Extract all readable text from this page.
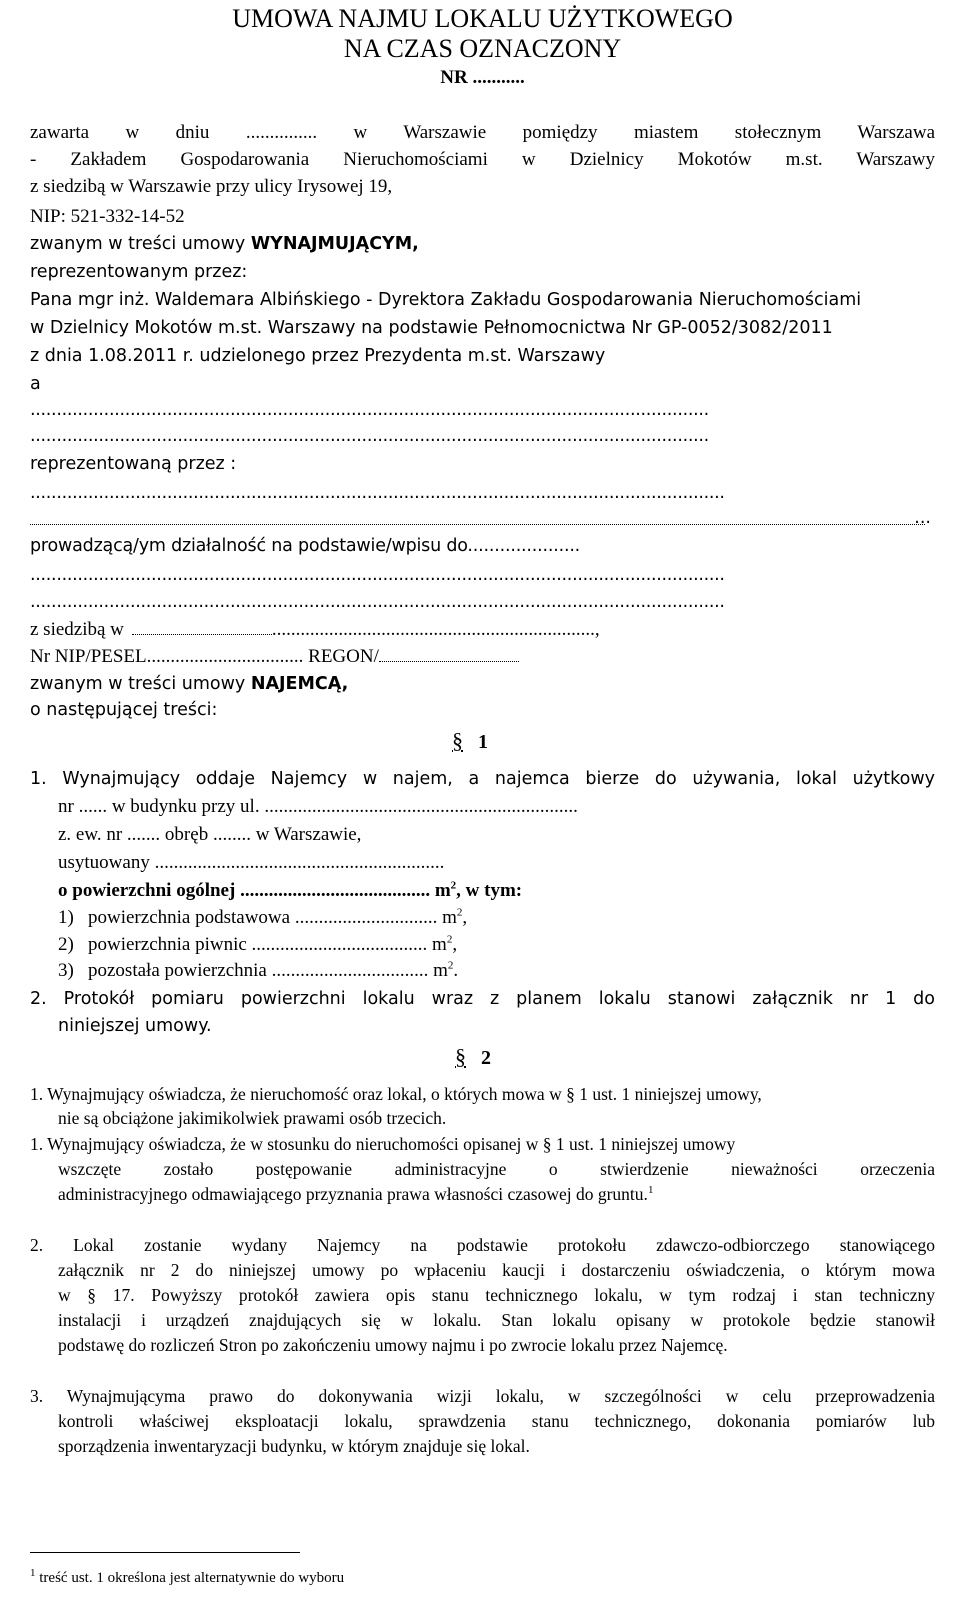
UMOWA NAJMU LOKALU UŻYTKOWEGO
NA CZAS OZNACZONY
NR ...........
zawarta w dniu ............... w Warszawie pomiędzy miastem stołecznym Warszawa
- Zakładem Gospodarowania Nieruchomościami w Dzielnicy Mokotów m.st. Warszawy
z siedzibą w Warszawie przy ulicy Irysowej 19,
NIP: 521-332-14-52
zwanym w treści umowy WYNAJMUJĄCYM,
reprezentowanym przez:
Pana mgr inż. Waldemara Albińskiego - Dyrektora Zakładu Gospodarowania Nieruchomościami
w Dzielnicy Mokotów m.st. Warszawy na podstawie Pełnomocnictwa Nr GP-0052/3082/2011
z dnia 1.08.2011 r. udzielonego przez Prezydenta m.st. Warszawy
a
.................................................................................................................................
.................................................................................................................................
reprezentowaną przez :
....................................................................................................................................
...
prowadzącą/ym działalność na podstawie/wpisu do.....................
....................................................................................................................................
....................................................................................................................................
z siedzibą w	....................................................................,
Nr NIP/PESEL................................. REGON/
zwanym w treści umowy NAJEMCĄ,
o następującej treści:
§ 1
1. Wynajmujący oddaje Najemcy w najem, a najemca bierze do używania, lokal użytkowy
nr ...... w budynku przy ul. ..................................................................
z. ew. nr ....... obręb ........ w Warszawie,
usytuowany .............................................................
o powierzchni ogólnej ........................................ $m^2$, w tym:
1) powierzchnia podstawowa .............................. $m^2$,
2) powierzchnia piwnic ..................................... $m^2$,
3) pozostała powierzchnia ................................. $m^2$.
2. Protokół pomiaru powierzchni lokalu wraz z planem lokalu stanowi załącznik nr 1 do
niniejszej umowy.
§ 2
1. Wynajmujący oświadcza, że nieruchomość oraz lokal, o których mowa w § 1 ust. 1 niniejszej umowy,
nie są obciążone jakimikolwiek prawami osób trzecich.
1. Wynajmujący oświadcza, że w stosunku do nieruchomości opisanej w § 1 ust. 1 niniejszej umowy
wszczęte zostało postępowanie administracyjne o stwierdzenie nieważności orzeczenia
administracyjnego odmawiającego przyznania prawa własności czasowej do gruntu.$^1$
2. Lokal zostanie wydany Najemcy na podstawie protokołu zdawczo-odbiorczego stanowiącego
załącznik nr 2 do niniejszej umowy po wpłaceniu kaucji i dostarczeniu oświadczenia, o którym mowa
w § 17. Powyższy protokół zawiera opis stanu technicznego lokalu, w tym rodzaj i stan techniczny
instalacji i urządzeń znajdujących się w lokalu. Stan lokalu opisany w protokole będzie stanowił
podstawę do rozliczeń Stron po zakończeniu umowy najmu i po zwrocie lokalu przez Najemcę.
3. Wynajmującyma prawo do dokonywania wizji lokalu, w szczególności w celu przeprowadzenia
kontroli właściwej eksploatacji lokalu, sprawdzenia stanu technicznego, dokonania pomiarów lub
sporządzenia inwentaryzacji budynku, w którym znajduje się lokal.
$^1$ treść ust. 1 określona jest alternatywnie do wyboru
